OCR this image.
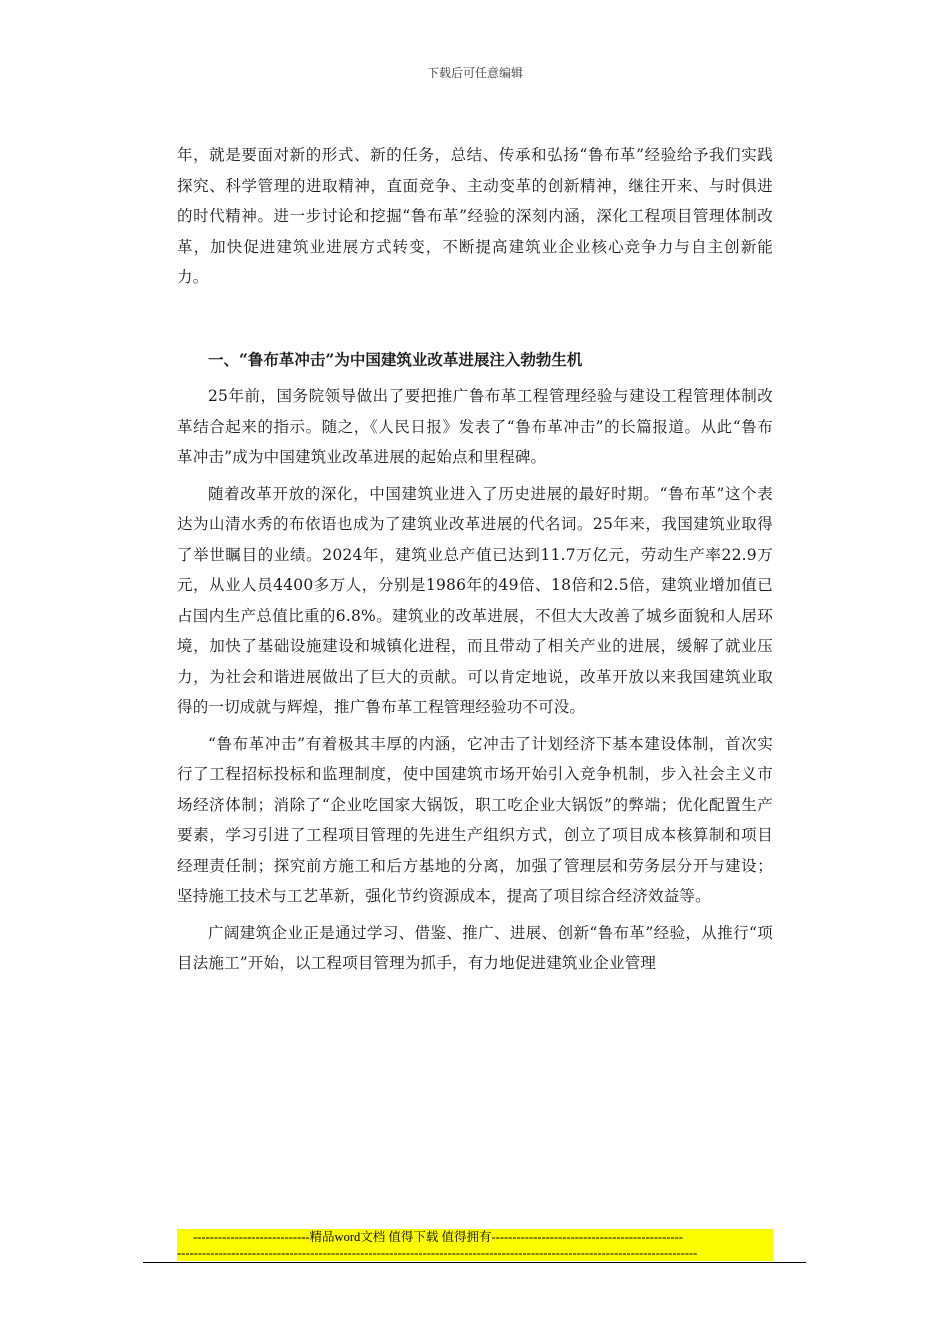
下载后可任意编辑

年，就是要面对新的形式、新的任务，总结、传承和弘扬“鲁布革”经验给予我们实践探究、科学管理的进取精神，直面竞争、主动变革的创新精神，继往开来、与时俱进的时代精神。进一步讨论和挖掘“鲁布革”经验的深刻内涵，深化工程项目管理体制改革，加快促进建筑业进展方式转变，不断提高建筑业企业核心竞争力与自主创新能力。

一、“鲁布革冲击”为中国建筑业改革进展注入勃勃生机

25年前，国务院领导做出了要把推广鲁布革工程管理经验与建设工程管理体制改革结合起来的指示。随之，《人民日报》发表了“鲁布革冲击”的长篇报道。从此“鲁布革冲击”成为中国建筑业改革进展的起始点和里程碑。

随着改革开放的深化，中国建筑业进入了历史进展的最好时期。“鲁布革”这个表达为山清水秀的布依语也成为了建筑业改革进展的代名词。25年来，我国建筑业取得了举世瞩目的业绩。2024年，建筑业总产值已达到11.7万亿元，劳动生产率22.9万元，从业人员4400多万人，分别是1986年的49倍、18倍和2.5倍，建筑业增加值已占国内生产总值比重的6.8%。建筑业的改革进展，不但大大改善了城乡面貌和人居环境，加快了基础设施建设和城镇化进程，而且带动了相关产业的进展，缓解了就业压力，为社会和谐进展做出了巨大的贡献。可以肯定地说，改革开放以来我国建筑业取得的一切成就与辉煌，推广鲁布革工程管理经验功不可没。

“鲁布革冲击”有着极其丰厚的内涵，它冲击了计划经济下基本建设体制，首次实行了工程招标投标和监理制度，使中国建筑市场开始引入竞争机制，步入社会主义市场经济体制；消除了“企业吃国家大锅饭，职工吃企业大锅饭”的弊端；优化配置生产要素，学习引进了工程项目管理的先进生产组织方式，创立了项目成本核算制和项目经理责任制；探究前方施工和后方基地的分离，加强了管理层和劳务层分开与建设；坚持施工技术与工艺革新，强化节约资源成本，提高了项目综合经济效益等。

广阔建筑企业正是通过学习、借鉴、推广、进展、创新“鲁布革”经验，从推行“项目法施工”开始，以工程项目管理为抓手，有力地促进建筑业企业管理

----------------------------精品word文档 值得下载 值得拥有----------------------------------------------
-----------------------------------------------------------------------------------------------------------------------------
